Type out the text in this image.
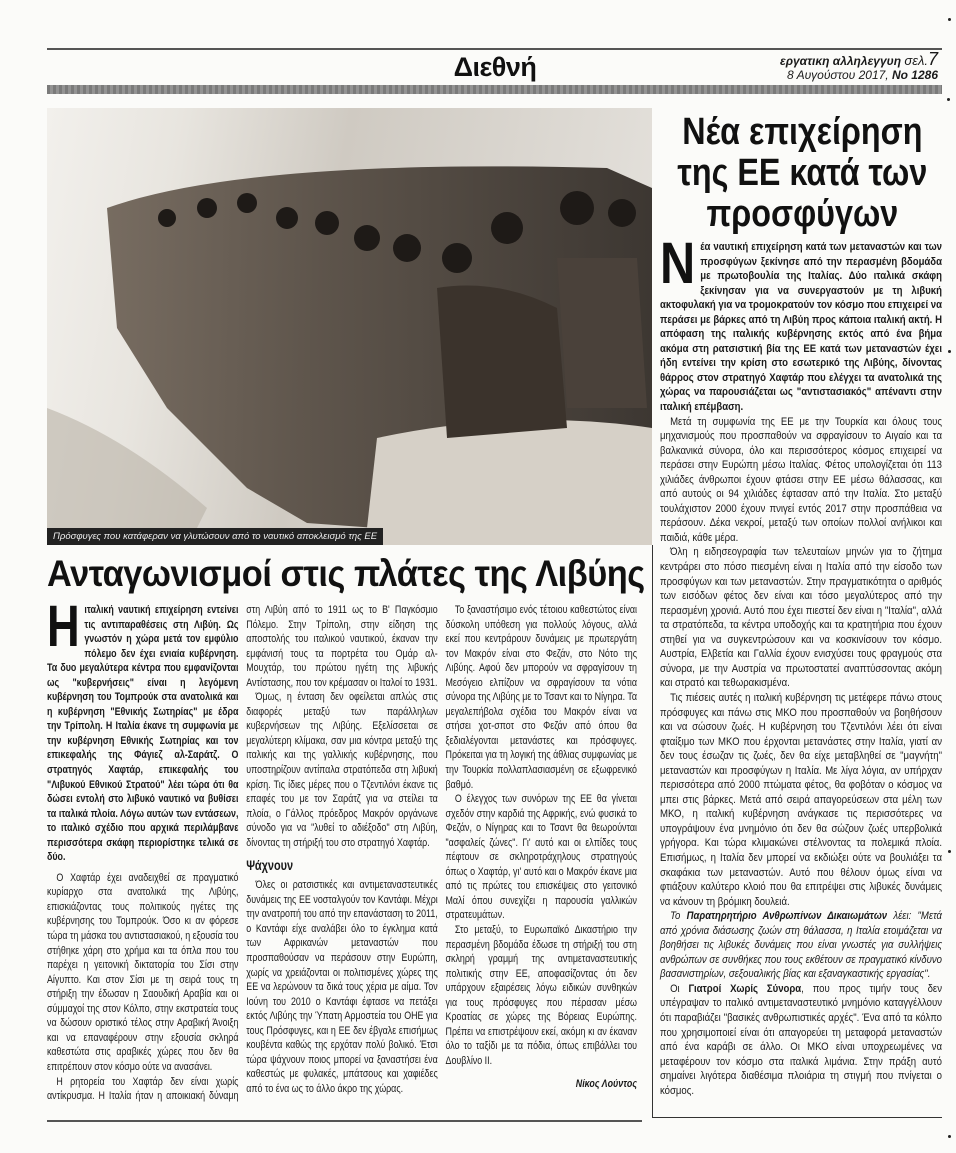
Διεθνή	εργατικη αλληλεγγυη σελ.7
8 Αυγούστου 2017, Νο 1286
Πρόσφυγες που κατάφεραν να γλυτώσουν από το ναυτικό αποκλεισμό της ΕΕ
Νέα επιχείρηση της ΕΕ κατά των προσφύγων

Νέα ναυτική επιχείρηση κατά των μεταναστών και των προσφύγων ξεκίνησε από την περασμένη βδομάδα με πρωτοβουλία της Ιταλίας. Δύο ιταλικά σκάφη ξεκίνησαν για να συνεργαστούν με τη λιβυκή ακτοφυλακή για να τρομοκρατούν τον κόσμο που επιχειρεί να περάσει με βάρκες από τη Λιβύη προς κάποια ιταλική ακτή. Η απόφαση της ιταλικής κυβέρνησης εκτός από ένα βήμα ακόμα στη ρατσιστική βία της ΕΕ κατά των μεταναστών έχει ήδη εντείνει την κρίση στο εσωτερικό της Λιβύης, δίνοντας θάρρος στον στρατηγό Χαφτάρ που ελέγχει τα ανατολικά της χώρας να παρουσιάζεται ως "αντιστασιακός" απέναντι στην ιταλική επέμβαση.

Μετά τη συμφωνία της ΕΕ με την Τουρκία και όλους τους μηχανισμούς που προσπαθούν να σφραγίσουν το Αιγαίο και τα βαλκανικά σύνορα, όλο και περισσότερος κόσμος επιχειρεί να περάσει στην Ευρώπη μέσω Ιταλίας. Φέτος υπολογίζεται ότι 113 χιλιάδες άνθρωποι έχουν φτάσει στην ΕΕ μέσω θάλασσας, και από αυτούς οι 94 χιλιάδες έφτασαν από την Ιταλία. Στο μεταξύ τουλάχιστον 2000 έχουν πνιγεί εντός 2017 στην προσπάθεια να περάσουν. Δέκα νεκροί, μεταξύ των οποίων πολλοί ανήλικοι και παιδιά, κάθε μέρα.

Όλη η ειδησεογραφία των τελευταίων μηνών για το ζήτημα κεντράρει στο πόσο πιεσμένη είναι η Ιταλία από την είσοδο των προσφύγων και των μεταναστών. Στην πραγματικότητα ο αριθμός των εισόδων φέτος δεν είναι και τόσο μεγαλύτερος από την περασμένη χρονιά. Αυτό που έχει πιεστεί δεν είναι η "Ιταλία", αλλά τα στρατόπεδα, τα κέντρα υποδοχής και τα κρατητήρια που έχουν στηθεί για να συγκεντρώσουν και να κοσκινίσουν τον κόσμο. Αυστρία, Ελβετία και Γαλλία έχουν ενισχύσει τους φραγμούς στα σύνορα, με την Αυστρία να πρωτοστατεί αναπτύσσοντας ακόμη και στρατό και τεθωρακισμένα.

Τις πιέσεις αυτές η ιταλική κυβέρνηση τις μετέφερε πάνω στους πρόσφυγες και πάνω στις ΜΚΟ που προσπαθούν να βοηθήσουν και να σώσουν ζωές. Η κυβέρνηση του Τζεντιλόνι λέει ότι είναι φταίξιμο των ΜΚΟ που έρχονται μετανάστες στην Ιταλία, γιατί αν δεν τους έσωζαν τις ζωές, δεν θα είχε μεταβληθεί σε "μαγνήτη" μεταναστών και προσφύγων η Ιταλία. Με λίγα λόγια, αν υπήρχαν περισσότερα από 2000 πτώματα φέτος, θα φοβόταν ο κόσμος να μπει στις βάρκες. Μετά από σειρά απαγορεύσεων στα μέλη των ΜΚΟ, η ιταλική κυβέρνηση ανάγκασε τις περισσότερες να υπογράψουν ένα μνημόνιο ότι δεν θα σώζουν ζωές υπερβολικά γρήγορα. Και τώρα κλιμακώνει στέλνοντας τα πολεμικά πλοία. Επισήμως, η Ιταλία δεν μπορεί να εκδιώξει ούτε να βουλιάξει τα σκαφάκια των μεταναστών. Αυτό που θέλουν όμως είναι να φτιάξουν καλύτερο κλοιό που θα επιτρέψει στις λιβυκές δυνάμεις να κάνουν τη βρόμικη δουλειά.

Το Παρατηρητήριο Ανθρωπίνων Δικαιωμάτων λέει: "Μετά από χρόνια διάσωσης ζωών στη θάλασσα, η Ιταλία ετοιμάζεται να βοηθήσει τις λιβυκές δυνάμεις που είναι γνωστές για συλλήψεις ανθρώπων σε συνθήκες που τους εκθέτουν σε πραγματικό κίνδυνο βασανιστηρίων, σεξουαλικής βίας και εξαναγκαστικής εργασίας".

Οι Γιατροί Χωρίς Σύνορα, που προς τιμήν τους δεν υπέγραψαν το ιταλικό αντιμεταναστευτικό μνημόνιο καταγγέλλουν ότι παραβιάζει "βασικές ανθρωπιστικές αρχές". Ένα από τα κόλπο που χρησιμοποιεί είναι ότι απαγορεύει τη μεταφορά μεταναστών από ένα καράβι σε άλλο. Οι ΜΚΟ είναι υποχρεωμένες να μεταφέρουν τον κόσμο στα ιταλικά λιμάνια. Στην πράξη αυτό σημαίνει λιγότερα διαθέσιμα πλοιάρια τη στιγμή που πνίγεται ο κόσμος.

Ανταγωνισμοί στις πλάτες της Λιβύης

Ηιταλική ναυτική επιχείρηση εντείνει τις αντιπαραθέσεις στη Λιβύη. Ως γνωστόν η χώρα μετά τον εμφύλιο πόλεμο δεν έχει ενιαία κυβέρνηση. Τα δυο μεγαλύτερα κέντρα που εμφανίζονται ως "κυβερνήσεις" είναι η λεγόμενη κυβέρνηση του Τομπρούκ στα ανατολικά και η κυβέρνηση "Εθνικής Σωτηρίας" με έδρα την Τρίπολη. Η Ιταλία έκανε τη συμφωνία με την κυβέρνηση Εθνικής Σωτηρίας και τον επικεφαλής της Φάγιεζ αλ-Σαράτζ. Ο στρατηγός Χαφτάρ, επικεφαλής του "Λιβυκού Εθνικού Στρατού" λέει τώρα ότι θα δώσει εντολή στο λιβυκό ναυτικό να βυθίσει τα ιταλικά πλοία. Λόγω αυτών των εντάσεων, το ιταλικό σχέδιο που αρχικά περιλάμβανε περισσότερα σκάφη περιορίστηκε τελικά σε δύο.

Ο Χαφτάρ έχει αναδειχθεί σε πραγματικό κυρίαρχο στα ανατολικά της Λιβύης, επισκιάζοντας τους πολιτικούς ηγέτες της κυβέρνησης του Τομπρούκ. Όσο κι αν φόρεσε τώρα τη μάσκα του αντιστασιακού, η εξουσία του στήθηκε χάρη στο χρήμα και τα όπλα που του παρέχει η γειτονική δικτατορία του Σίσι στην Αίγυπτο. Και στον Σίσι με τη σειρά τους τη στήριξη την έδωσαν η Σαουδική Αραβία και οι σύμμαχοί της στον Κόλπο, στην εκστρατεία τους να δώσουν οριστικό τέλος στην Αραβική Άνοιξη και να επαναφέρουν στην εξουσία σκληρά καθεστώτα στις αραβικές χώρες που δεν θα επιτρέπουν στον κόσμο ούτε να ανασάνει.

Η ρητορεία του Χαφτάρ δεν είναι χωρίς αντίκρυσμα. Η Ιταλία ήταν η αποικιακή δύναμη στη Λιβύη από το 1911 ως το Β' Παγκόσμιο Πόλεμο. Στην Τρίπολη, στην είδηση της αποστολής του ιταλικού ναυτικού, έκαναν την εμφάνισή τους τα πορτρέτα του Ομάρ αλ-Μουχτάρ, του πρώτου ηγέτη της λιβυκής Αντίστασης, που τον κρέμασαν οι Ιταλοί το 1931.

Όμως, η ένταση δεν οφείλεται απλώς στις διαφορές μεταξύ των παράλληλων κυβερνήσεων της Λιβύης. Εξελίσσεται σε μεγαλύτερη κλίμακα, σαν μια κόντρα μεταξύ της ιταλικής και της γαλλικής κυβέρνησης, που υποστηρίζουν αντίπαλα στρατόπεδα στη λιβυκή κρίση. Τις ίδιες μέρες που ο Τζεντιλόνι έκανε τις επαφές του με τον Σαράτζ για να στείλει τα πλοία, ο Γάλλος πρόεδρος Μακρόν οργάνωνε σύνοδο για να "λυθεί το αδιέξοδο" στη Λιβύη, δίνοντας τη στήριξή του στο στρατηγό Χαφτάρ.

Ψάχνουν

Όλες οι ρατσιστικές και αντιμεταναστευτικές δυνάμεις της ΕΕ νοσταλγούν τον Καντάφι. Μέχρι την ανατροπή του από την επανάσταση το 2011, ο Καντάφι είχε αναλάβει όλο το έγκλημα κατά των Αφρικανών μεταναστών που προσπαθούσαν να περάσουν στην Ευρώπη, χωρίς να χρειάζονται οι πολιτισμένες χώρες της ΕΕ να λερώνουν τα δικά τους χέρια με αίμα. Τον Ιούνη του 2010 ο Καντάφι έφτασε να πετάξει εκτός Λιβύης την Ύπατη Αρμοστεία του ΟΗΕ για τους Πρόσφυγες, και η ΕΕ δεν έβγαλε επισήμως κουβέντα καθώς της ερχόταν πολύ βολικό. Έτσι τώρα ψάχνουν ποιος μπορεί να ξαναστήσει ένα καθεστώς με φυλακές, μπάτσους και χαφιέδες από το ένα ως το άλλο άκρο της χώρας.

Το ξαναστήσιμο ενός τέτοιου καθεστώτος είναι δύσκολη υπόθεση για πολλούς λόγους, αλλά εκεί που κεντράρουν δυνάμεις με πρωτεργάτη τον Μακρόν είναι στο Φεζάν, στο Νότο της Λιβύης. Αφού δεν μπορούν να σφραγίσουν τη Μεσόγειο ελπίζουν να σφραγίσουν τα νότια σύνορα της Λιβύης με το Τσαντ και το Νίγηρα. Τα μεγαλεπήβολα σχέδια του Μακρόν είναι να στήσει χοτ-σποτ στο Φεζάν από όπου θα ξεδιαλέγονται μετανάστες και πρόσφυγες. Πρόκειται για τη λογική της άθλιας συμφωνίας με την Τουρκία πολλαπλασιασμένη σε εξωφρενικό βαθμό.

Ο έλεγχος των συνόρων της ΕΕ θα γίνεται σχεδόν στην καρδιά της Αφρικής, ενώ φυσικά το Φεζάν, ο Νίγηρας και το Τσαντ θα θεωρούνται "ασφαλείς ζώνες". Γι' αυτό και οι ελπίδες τους πέφτουν σε σκληροτράχηλους στρατηγούς όπως ο Χαφτάρ, γι' αυτό και ο Μακρόν έκανε μια από τις πρώτες του επισκέψεις στο γειτονικό Μαλί όπου συνεχίζει η παρουσία γαλλικών στρατευμάτων.

Στο μεταξύ, το Ευρωπαϊκό Δικαστήριο την περασμένη βδομάδα έδωσε τη στήριξή του στη σκληρή γραμμή της αντιμεταναστευτικής πολιτικής στην ΕΕ, αποφασίζοντας ότι δεν υπάρχουν εξαιρέσεις λόγω ειδικών συνθηκών για τους πρόσφυγες που πέρασαν μέσω Κροατίας σε χώρες της Βόρειας Ευρώπης. Πρέπει να επιστρέψουν εκεί, ακόμη κι αν έκαναν όλο το ταξίδι με τα πόδια, όπως επιβάλλει του Δουβλίνο ΙΙ.

Νίκος Λούντος
